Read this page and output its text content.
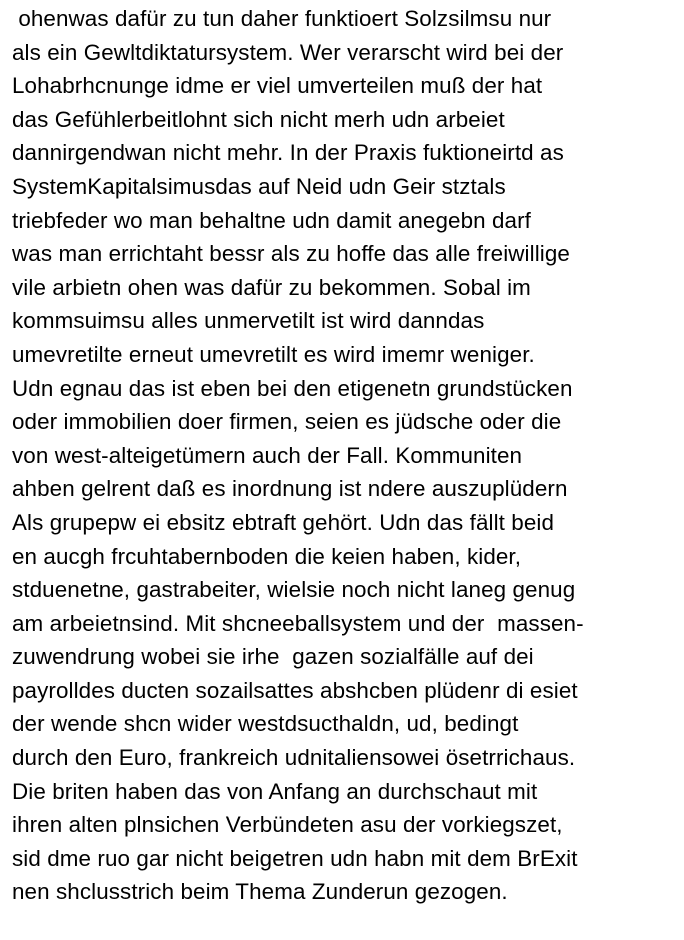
ohenwas dafür zu tun daher funktioert Solzsilmsu nur
als ein Gewltdiktatursystem. Wer verarscht wird bei der
Lohabrhcnunge idme er viel umverteilen muß der hat
das Gefühlerbeitlohnt sich nicht merh udn arbeiet
dannirgendwan nicht mehr. In der Praxis fuktioneirtd as
SystemKapitalsimusdas auf Neid udn Geir stztals
triebfeder wo man behaltne udn damit anegebn darf
was man errichtaht bessr als zu hoffe das alle freiwillige
vile arbietn ohen was dafür zu bekommen. Sobal im
kommsuimsu alles unmervetilt ist wird danndas
umevretilte erneut umevretilt es wird imemr weniger.
Udn egnau das ist eben bei den etigenetn grundstücken
oder immobilien doer firmen, seien es jüdsche oder die
von west-alteigetümern auch der Fall. Kommuniten
ahben gelrent daß es inordnung ist ndere auszuplüdern
Als grupepw ei ebsitz ebtraft gehört. Udn das fällt beid
en aucgh frcuhtabernboden die keien haben, kider,
stduenetne, gastrabeiter, wielsie noch nicht laneg genug
am arbeietnsind. Mit shcneeballsystem und der  massen-
zuwendrung wobei sie irhe  gazen sozialfälle auf dei
payrolldes ducten sozailsattes abshcben plüdenr di esiet
der wende shcn wider westdsucthaldn, ud, bedingt
durch den Euro, frankreich udnitaliensowei ösetrrichaus.
Die briten haben das von Anfang an durchschaut mit
ihren alten plnsichen Verbündeten asu der vorkiegszet,
sid dme ruo gar nicht beigetren udn habn mit dem BrExit
nen shclusstrich beim Thema Zunderun gezogen.
